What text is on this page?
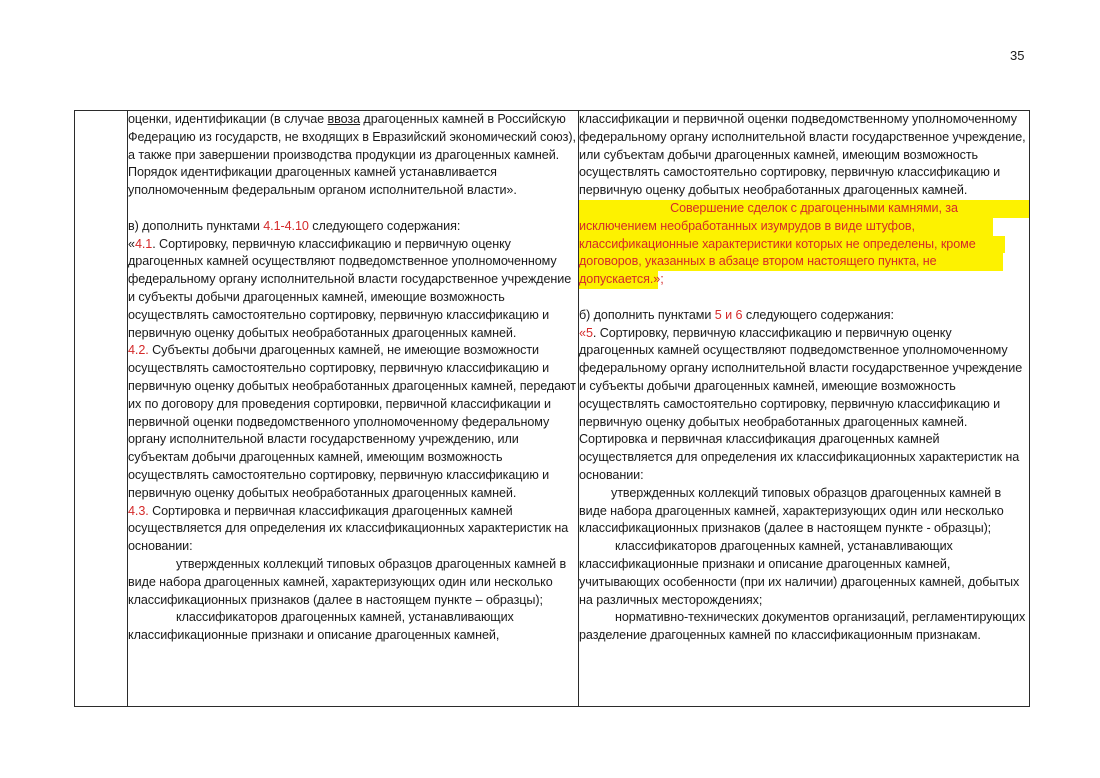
35

оценки, идентификации (в случае ввоза драгоценных камней в Российскую Федерацию из государств, не входящих в Евразийский экономический союз), а также при завершении производства продукции из драгоценных камней. Порядок идентификации драгоценных камней устанавливается уполномоченным федеральным органом исполнительной власти».

в) дополнить пунктами 4.1-4.10 следующего содержания:

«4.1. Сортировку, первичную классификацию и первичную оценку драгоценных камней осуществляют подведомственное уполномоченному федеральному органу исполнительной власти государственное учреждение и субъекты добычи драгоценных камней, имеющие возможность осуществлять самостоятельно сортировку, первичную классификацию и первичную оценку добытых необработанных драгоценных камней.

4.2. Субъекты добычи драгоценных камней, не имеющие возможности осуществлять самостоятельно сортировку, первичную классификацию и первичную оценку добытых необработанных драгоценных камней, передают их по договору для проведения сортировки, первичной классификации и первичной оценки подведомственного уполномоченному федеральному органу исполнительной власти государственному учреждению, или субъектам добычи драгоценных камней, имеющим возможность осуществлять самостоятельно сортировку, первичную классификацию и первичную оценку добытых необработанных драгоценных камней.

4.3. Сортировка и первичная классификация драгоценных камней осуществляется для определения их классификационных характеристик на основании:

утвержденных коллекций типовых образцов драгоценных камней в виде набора драгоценных камней, характеризующих один или несколько классификационных признаков (далее в настоящем пункте – образцы);

классификаторов драгоценных камней, устанавливающих классификационные признаки и описание драгоценных камней,

классификации и первичной оценки подведомственному уполномоченному федеральному органу исполнительной власти государственное учреждение, или субъектам добычи драгоценных камней, имеющим возможность осуществлять самостоятельно сортировку, первичную классификацию и первичную оценку добытых необработанных драгоценных камней.

Совершение сделок с драгоценными камнями, за
исключением необработанных изумрудов в виде штуфов,
классификационные характеристики которых не определены, кроме
договоров, указанных в абзаце втором настоящего пункта, не
допускается.»;

б) дополнить пунктами 5 и 6 следующего содержания:

«5. Сортировку, первичную классификацию и первичную оценку драгоценных камней осуществляют подведомственное уполномоченному федеральному органу исполнительной власти государственное учреждение и субъекты добычи драгоценных камней, имеющие возможность осуществлять самостоятельно сортировку, первичную классификацию и первичную оценку добытых необработанных драгоценных камней.

Сортировка и первичная классификация драгоценных камней осуществляется для определения их классификационных характеристик на основании:

утвержденных коллекций типовых образцов драгоценных камней в виде набора драгоценных камней, характеризующих один или несколько классификационных признаков (далее в настоящем пункте - образцы);

классификаторов драгоценных камней, устанавливающих классификационные признаки и описание драгоценных камней, учитывающих особенности (при их наличии) драгоценных камней, добытых на различных месторождениях;

нормативно-технических документов организаций, регламентирующих разделение драгоценных камней по классификационным признакам.
